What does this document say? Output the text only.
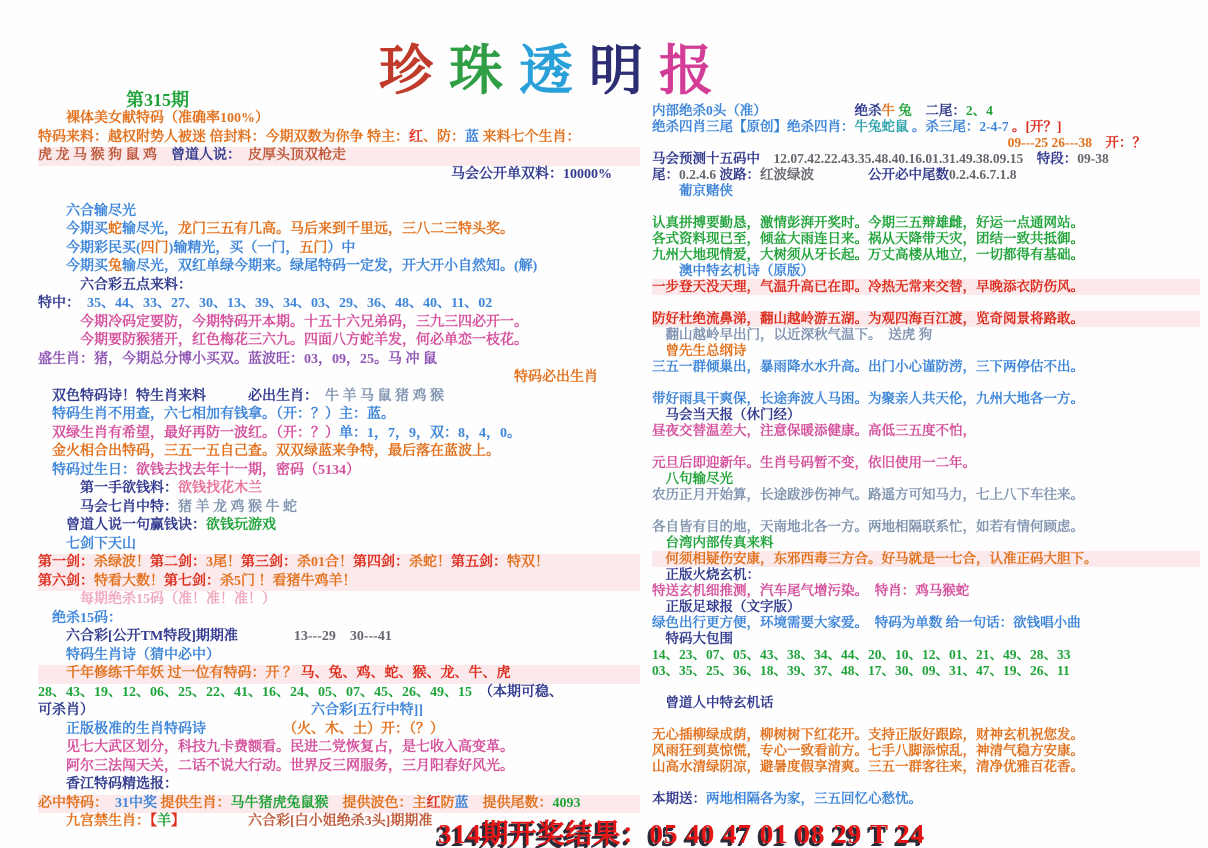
珍珠透明报
第315期
　　裸体美女献特码（准确率100%）
特码来料：越权附势人被迷 倍封料：今期双数为你争 特主：红、防：蓝 来料七个生肖：
虎 龙 马 猴 狗 鼠 鸡　曾道人说：　皮厚头顶双枪走
马会公开单双料：10000%　　

　　六合输尽光
　　今期买蛇输尽光，龙门三五有几高。马后来到千里远，三八二三特头奖。
　　今期彩民买(四门)输精光，买（一门，五门）中
　　今期买兔输尽光，双红单绿今期来。绿尾特码一定发，开大开小自然知。(解)
　　　六合彩五点来料：
特中：　35、44、33、27、30、13、39、34、03、29、36、48、40、11、02
　　　今期冷码定要防，今期特码开本期。十五十六兄弟码，三九三四必开一。
　　　今期要防猴猪开，红色梅花三六九。四面八方蛇羊发，何必单恋一枝花。
盛生肖：猪，今期总分博小买双。蓝波旺：03，09，25。马 冲 鼠
特码必出生肖　　　
　双色特码诗！特生肖来料　　　必出生肖：　牛 羊 马 鼠 猪 鸡 猴
　特码生肖不用查，六七相加有钱拿。（开：？）主：蓝。
　双绿生肖有希望，最好再防一波红。（开：？）单：1，7，9，双：8，4，0。
　金火相合出特码，三五一五自己查。双双绿蓝来争特，最后落在蓝波上。
　特码过生日：欲钱去找去年十一期，密码（5134）
　　　第一手欲钱料：欲钱找花木兰
　　　马会七肖中特：猪 羊 龙 鸡 猴 牛 蛇
　　曾道人说一句赢钱诀：欲钱玩游戏
　　七剑下天山
第一剑：杀绿波！第二剑：3尾！第三剑：杀01合！第四剑：杀蛇！第五剑：特双！
第六剑：特看大数！第七剑：杀5门 ！看猪牛鸡羊！
　　　每期绝杀15码（准！准！准！）
　绝杀15码：
　　六合彩[公开TM特段]期期准　　　　13---29　30---41
　　特码生肖诗（猜中必中）
　　千年修练千年妖 过一位有特码：开 ？ 马、兔、鸡、蛇、猴、龙、牛、虎
28、43、19、12、06、25、22、41、16、24、05、07、45、26、49、15　（本期可稳、
可杀肖）　　　　　　　　　　　　　　　　六合彩[五行中特]]
　　正版极准的生肖特码诗　　　　　　（火、木、土）开：（？）
　　见七大武区划分，科技九卡费额看。民进二党恢复占，是七收入高变革。
　　阿尔三法闯天关，二话不说大行动。世界反三网服务，三月阳春好风光。
　　香江特码精选报：
必中特码：　31中奖 提供生肖：马牛猪虎兔鼠猴　提供波色：主红防蓝　提供尾数：4093
　　九宫禁生肖：【羊】　　　　　六合彩[白小姐绝杀3头]期期准
内部绝杀0头（准）　　　　　　　绝杀牛 兔　二尾：2、4
绝杀四肖三尾【原创】绝杀四肖：牛兔蛇鼠 。杀三尾：2-4-7 。[开？]
09---25 26---38　开：？　　　　
马会预测十五码中　 12.07.42.22.43.35.48.40.16.01.31.49.38.09.15　特段：09-38
尾：0.2.4.6 波路：红波绿波　　　　公开必中尾数0.2.4.6.7.1.8
　　葡京赌侠

认真拼搏要勤恳，激情彭湃开奖时。今期三五辩雄雌，好运一点通网站。
各式资料现已至，倾盆大雨连日来。祸从天降带天灾，团结一致共抵御。
九州大地现情爱，大树须从牙长起。万丈高楼从地立，一切都得有基础。
　　澳中特玄机诗（原版）
一步登天没天理，气温升高已在即。冷热无常来交替，早晚添衣防伤风。

防好杜绝流鼻涕，翻山越岭游五湖。为观四海百江渡，览奇阅景将路敢。
　翻山越岭早出门，以近深秋气温下。　送虎 狗
　曾先生总纲诗
三五一群倾巢出，暴雨降水水升高。出门小心谨防涝，三下两停估不出。

带好雨具干爽保，长途奔波人马困。为聚亲人共天伦，九州大地各一方。
　马会当天报（休门经）
昼夜交替温差大，注意保暖添健康。高低三五度不怕，

元旦后即迎新年。生肖号码暂不变，依旧使用一二年。
　八句输尽光
农历正月开始算，长途跋涉伤神气。路遥方可知马力，七上八下车往来。

各自皆有目的地，天南地北各一方。两地相隔联系忙，如若有情何顾虑。
　台湾内部传真来料
　何须相疑伤安康，东邪西毒三方合。好马就是一七合，认准正码大胆下。
　正版火烧玄机：
特送玄机细推测，汽车尾气增污染。　特肖：鸡马猴蛇
　正版足球报（文字版）
绿色出行更方便，环境需要大家爱。　特码为单数 给一句话：欲钱唱小曲
　特码大包围
14、23、07、05、43、38、34、44、20、10、12、01、21、49、28、33
03、35、25、36、18、39、37、48、17、30、09、31、47、19、26、11

　曾道人中特玄机话

无心插柳绿成荫，柳树树下红花开。支持正版好跟踪，财神玄机祝您发。
风雨狂到莫惊慌，专心一致看前方。七手八脚添惊乱，神清气稳方安康。
山高水清绿阴凉，避暑度假享清爽。三五一群客往来，清净优雅百花香。

本期送：两地相隔各为家，三五回忆心愁忧。
314期开奖结果：05 40 47 01 08 29 T 24
